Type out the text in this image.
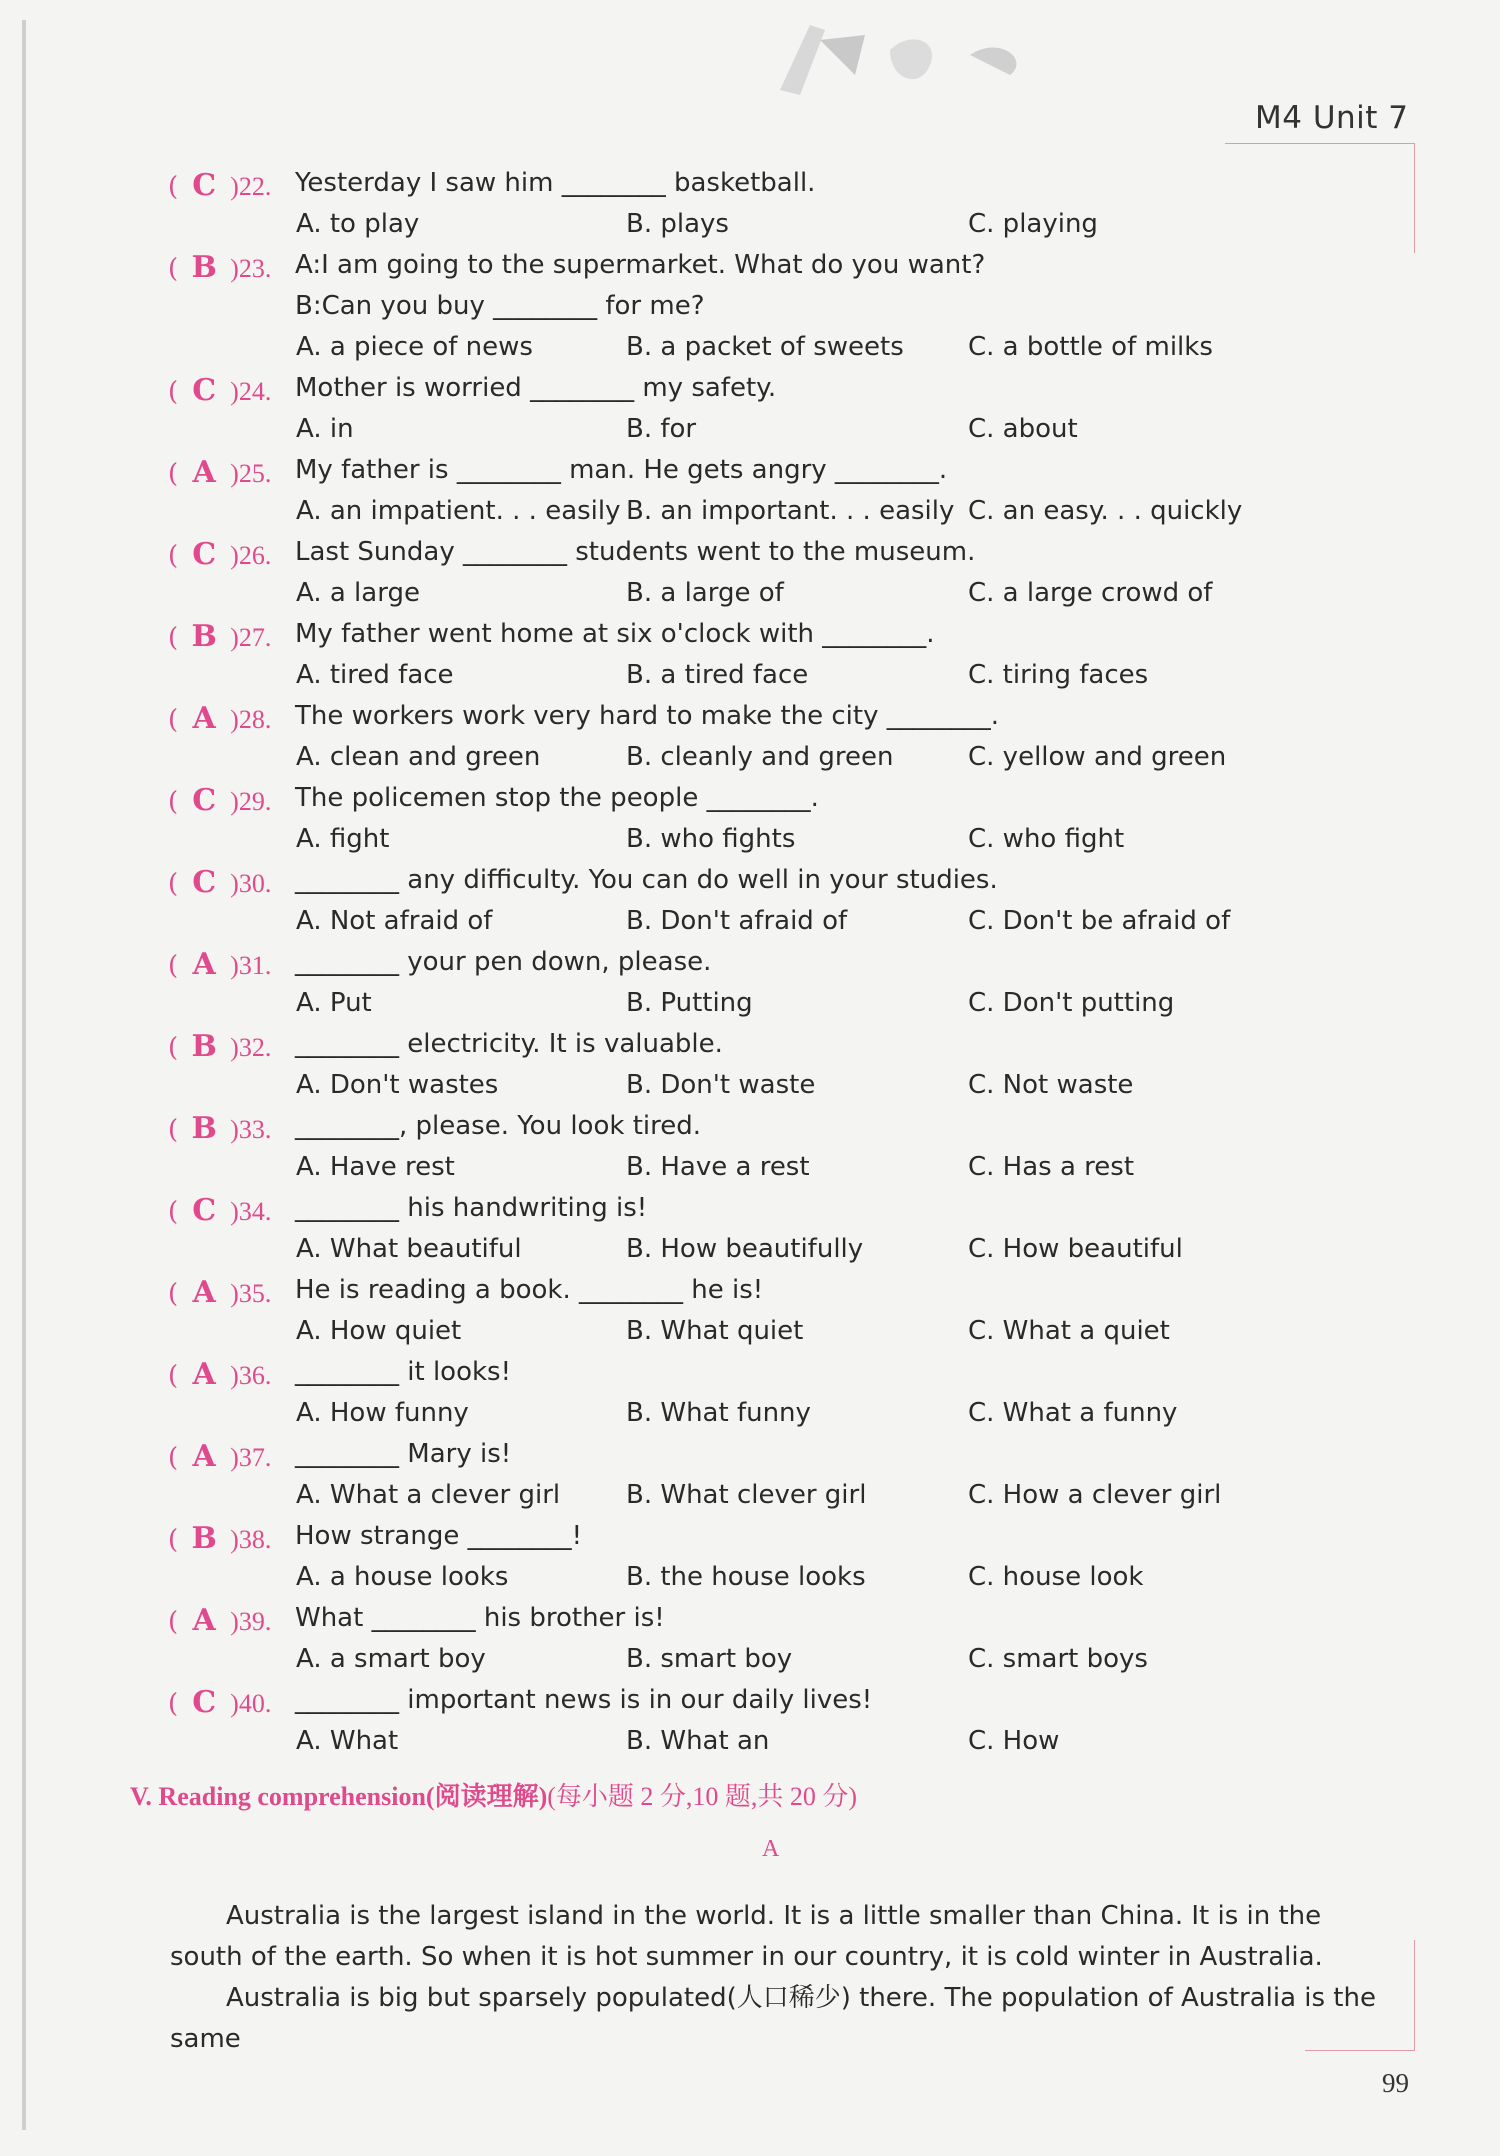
M4 Unit 7
( C )22. Yesterday I saw him ________ basketball.
A. to play	B. plays	C. playing
( B )23. A:I am going to the supermarket. What do you want?
B:Can you buy ________ for me?
A. a piece of news	B. a packet of sweets C. a bottle of milks
( C )24. Mother is worried ________ my safety.
A. in	B. for	C. about
( A )25. My father is ________ man. He gets angry ________.
A. an impatient. . . easily B. an important. . . easily C. an easy. . . quickly
( C )26. Last Sunday ________ students went to the museum.
A. a large	B. a large of	C. a large crowd of
( B )27. My father went home at six o'clock with ________.
A. tired face	B. a tired face	C. tiring faces
( A )28. The workers work very hard to make the city ________.
A. clean and green	B. cleanly and green	C. yellow and green
( C )29. The policemen stop the people ________.
A. fight	B. who fights	C. who fight
( C )30. ________ any difficulty. You can do well in your studies.
A. Not afraid of	B. Don't afraid of	C. Don't be afraid of
( A )31. ________ your pen down, please.
A. Put	B. Putting	C. Don't putting
( B )32. ________ electricity. It is valuable.
A. Don't wastes	B. Don't waste	C. Not waste
( B )33. ________, please. You look tired.
A. Have rest	B. Have a rest	C. Has a rest
( C )34. ________ his handwriting is!
A. What beautiful	B. How beautifully	C. How beautiful
( A )35. He is reading a book. ________ he is!
A. How quiet	B. What quiet	C. What a quiet
( A )36. ________ it looks!
A. How funny	B. What funny	C. What a funny
( A )37. ________ Mary is!
A. What a clever girl	B. What clever girl	C. How a clever girl
( B )38. How strange ________!
A. a house looks	B. the house looks	C. house look
( A )39. What ________ his brother is!
A. a smart boy	B. smart boy	C. smart boys
( C )40. ________ important news is in our daily lives!
A. What	B. What an	C. How
V. Reading comprehension(阅读理解)(每小题 2 分,10 题,共 20 分)
A

Australia is the largest island in the world. It is a little smaller than China. It is in the south of the earth. So when it is hot summer in our country, it is cold winter in Australia.

Australia is big but sparsely populated(人口稀少) there. The population of Australia is the same

99
